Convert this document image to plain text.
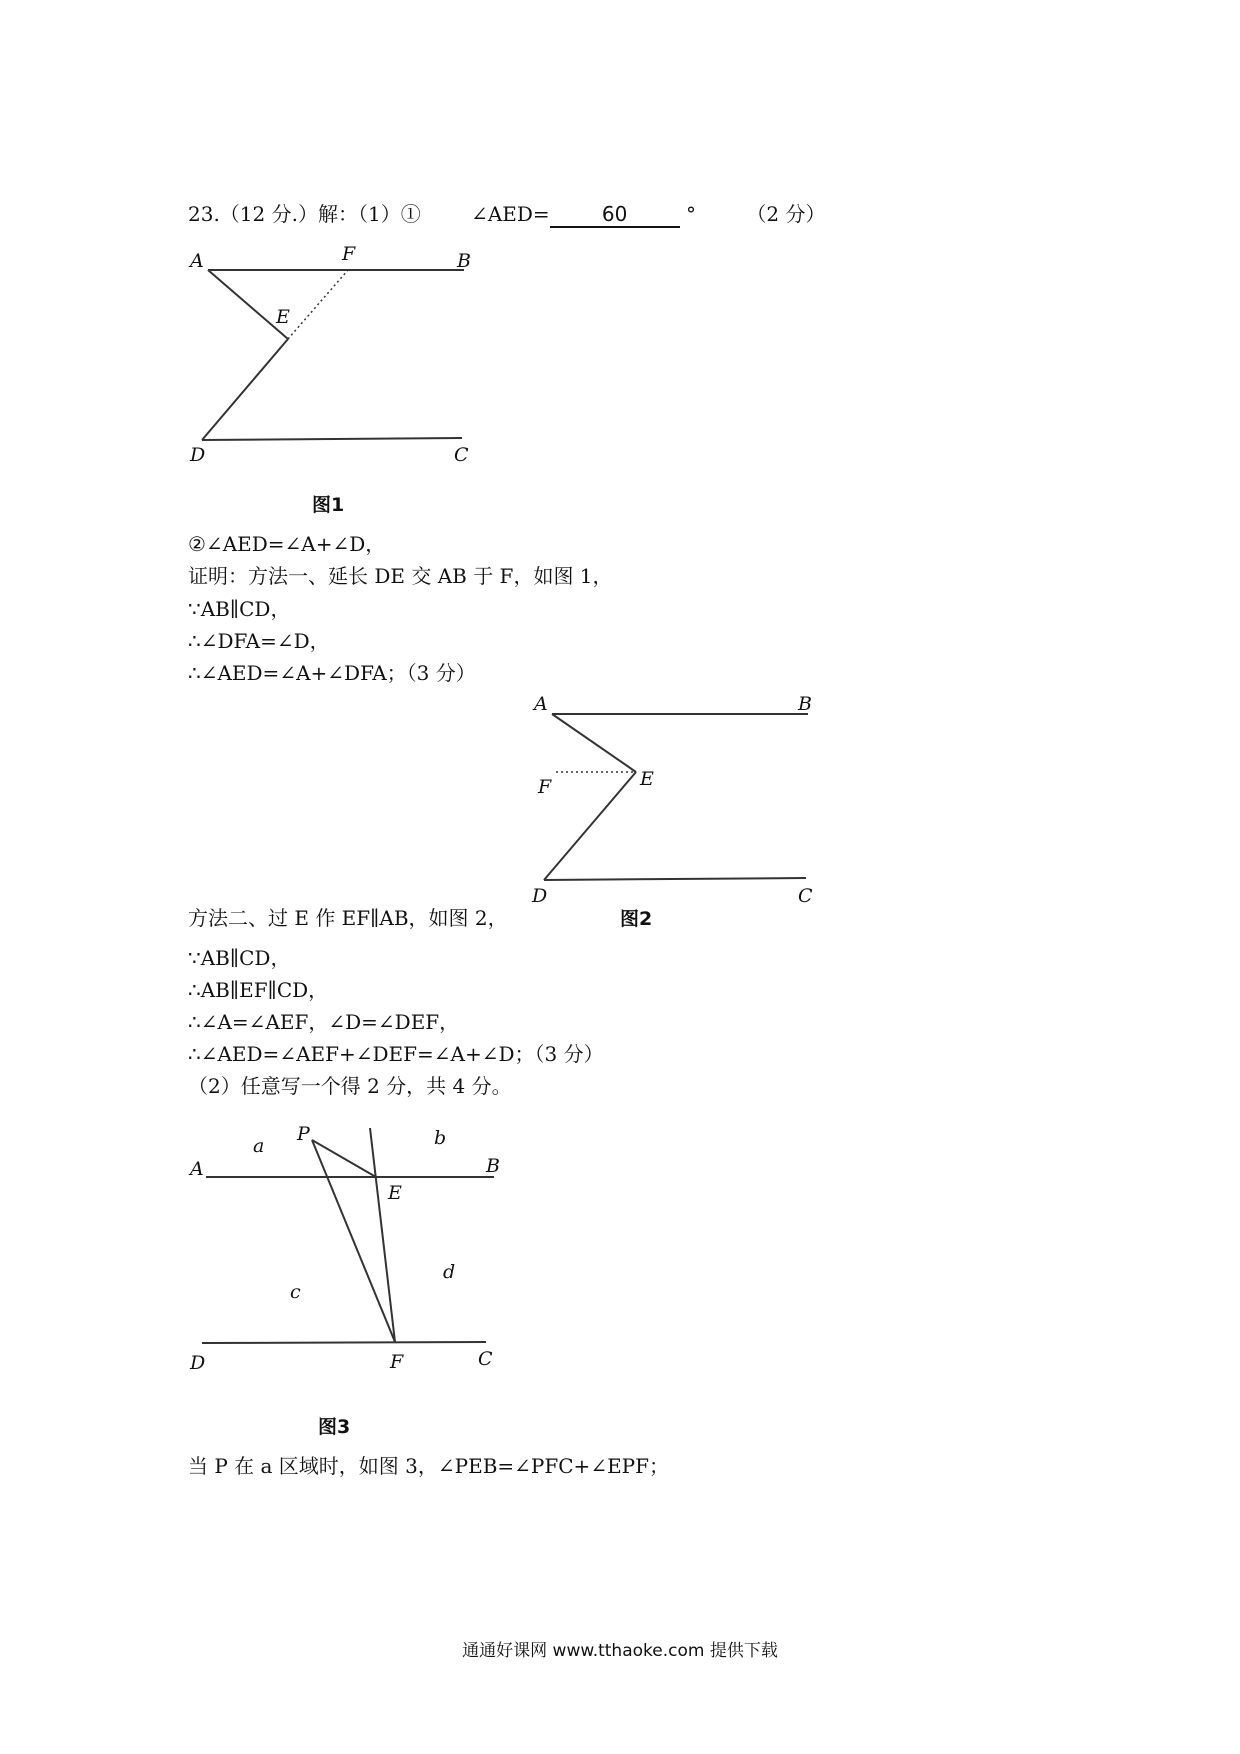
23.（12 分.）解：（1）①	∠AED=	60	°	（2 分）
A	F	B
E
D	C
图1
②∠AED=∠A+∠D，
证明：方法一、延长 DE 交 AB 于 F，如图 1，
∵AB∥CD，
∴∠DFA=∠D，
∴∠AED=∠A+∠DFA；（3 分）
A	B
F	E
D	C
方法二、过 E 作 EF∥AB，如图 2，	图2
∵AB∥CD，
∴AB∥EF∥CD，
∴∠A=∠AEF，∠D=∠DEF，
∴∠AED=∠AEF+∠DEF=∠A+∠D；（3 分）
（2）任意写一个得 2 分，共 4 分。
P
a	b
A	B
E
c
d
D	F	C
图3
当 P 在 a 区域时，如图 3，∠PEB=∠PFC+∠EPF；
通通好课网 www.tthaoke.com 提供下载
